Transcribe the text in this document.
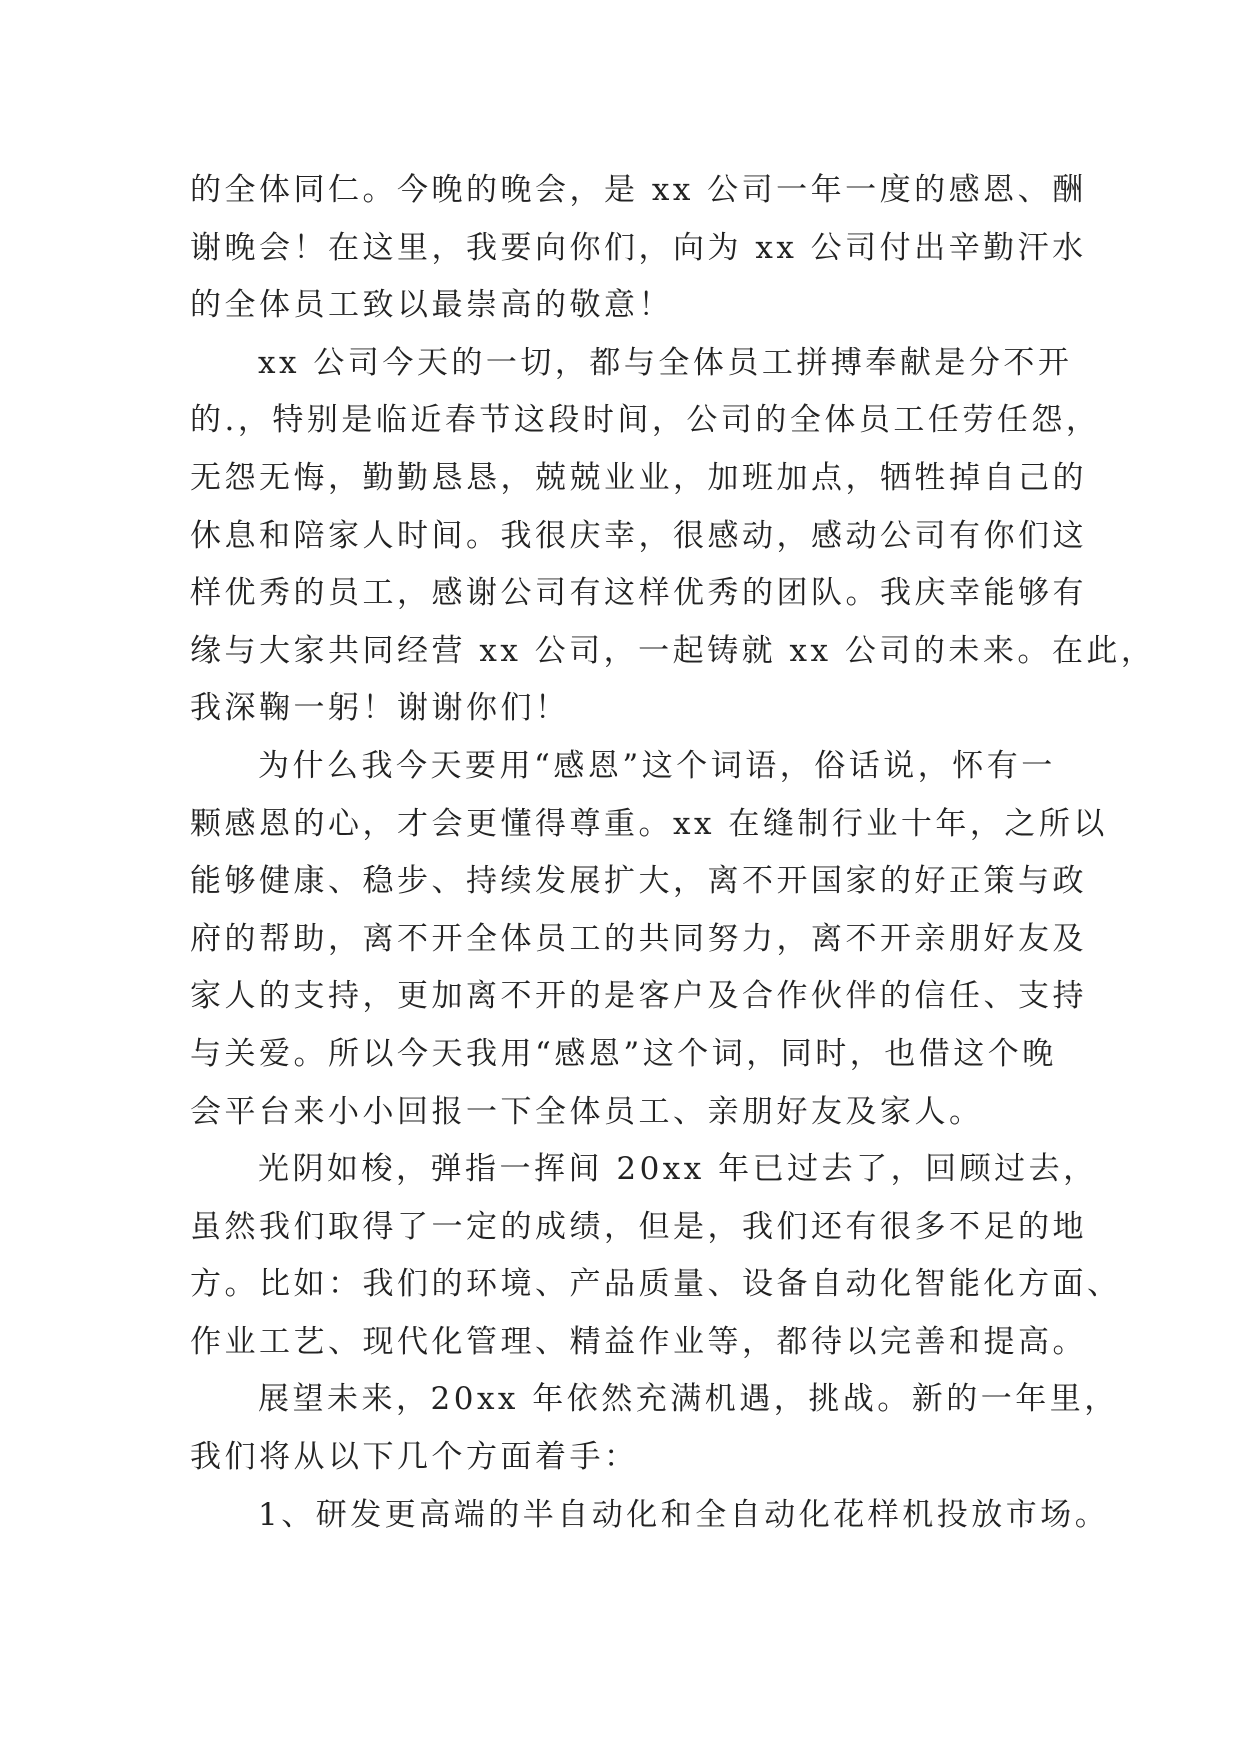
的全体同仁。今晚的晚会，是 xx 公司一年一度的感恩、酬
谢晚会！在这里，我要向你们，向为 xx 公司付出辛勤汗水
的全体员工致以最崇高的敬意！
xx 公司今天的一切，都与全体员工拼搏奉献是分不开
的.，特别是临近春节这段时间，公司的全体员工任劳任怨，
无怨无悔，勤勤恳恳，兢兢业业，加班加点，牺牲掉自己的
休息和陪家人时间。我很庆幸，很感动，感动公司有你们这
样优秀的员工，感谢公司有这样优秀的团队。我庆幸能够有
缘与大家共同经营 xx 公司，一起铸就 xx 公司的未来。在此，
我深鞠一躬！谢谢你们！
为什么我今天要用“感恩”这个词语，俗话说，怀有一
颗感恩的心，才会更懂得尊重。xx 在缝制行业十年，之所以
能够健康、稳步、持续发展扩大，离不开国家的好正策与政
府的帮助，离不开全体员工的共同努力，离不开亲朋好友及
家人的支持，更加离不开的是客户及合作伙伴的信任、支持
与关爱。所以今天我用“感恩”这个词，同时，也借这个晚
会平台来小小回报一下全体员工、亲朋好友及家人。
光阴如梭，弹指一挥间 20xx 年已过去了，回顾过去，
虽然我们取得了一定的成绩，但是，我们还有很多不足的地
方。比如：我们的环境、产品质量、设备自动化智能化方面、
作业工艺、现代化管理、精益作业等，都待以完善和提高。
展望未来，20xx 年依然充满机遇，挑战。新的一年里，
我们将从以下几个方面着手：
1、研发更高端的半自动化和全自动化花样机投放市场。
